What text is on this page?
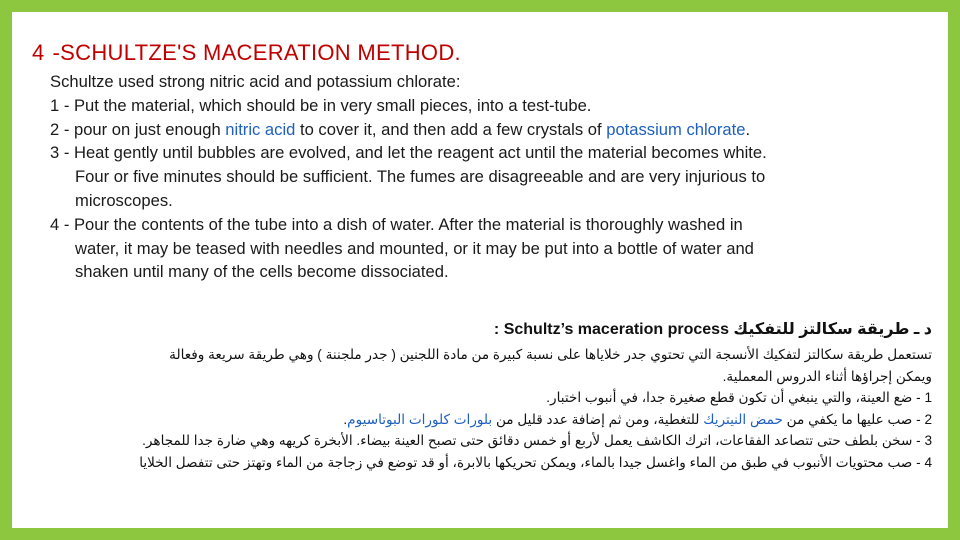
4 -SCHULTZE'S MACERATION METHOD.
Schultze used strong nitric acid and potassium chlorate:
1 - Put the material, which should be in very small pieces, into a test-tube.
2 - pour on just enough nitric acid to cover it, and then add a few crystals of potassium chlorate.
3 - Heat gently until bubbles are evolved, and let the reagent act until the material becomes white.
Four or five minutes should be sufficient. The fumes are disagreeable and are very injurious to
microscopes.
4 - Pour the contents of the tube into a dish of water. After the material is thoroughly washed in
water, it may be teased with needles and mounted, or it may be put into a bottle of water and
shaken until many of the cells become dissociated.
د ـ طريقة سكالتز للتفكيك Schultz’s maceration process :
تستعمل طريقة سكالتز لتفكيك الأنسجة التي تحتوي جدر خلاياها على نسبة كبيرة من مادة اللجنين ( جدر ملجننة ) وهي طريقة سريعة وفعالة
ويمكن إجراؤها أثناء الدروس المعملية.
1 - ضع العينة، والتي ينبغي أن تكون قطع صغيرة جدا، في أنبوب اختبار.
2 - صب عليها ما يكفي من حمض النيتريك للتغطية، ومن ثم إضافة عدد قليل من بلورات كلورات البوتاسيوم.
3 - سخن بلطف حتى تتصاعد الفقاعات، اترك الكاشف يعمل لأربع أو خمس دقائق حتى تصبح العينة بيضاء. الأبخرة كريهه وهي ضارة جدا للمجاهر.
4 - صب محتويات الأنبوب في طبق من الماء واغسل جيدا بالماء، ويمكن تحريكها بالابرة، أو قد توضع في زجاجة من الماء وتهتز حتى تتفصل الخلايا
